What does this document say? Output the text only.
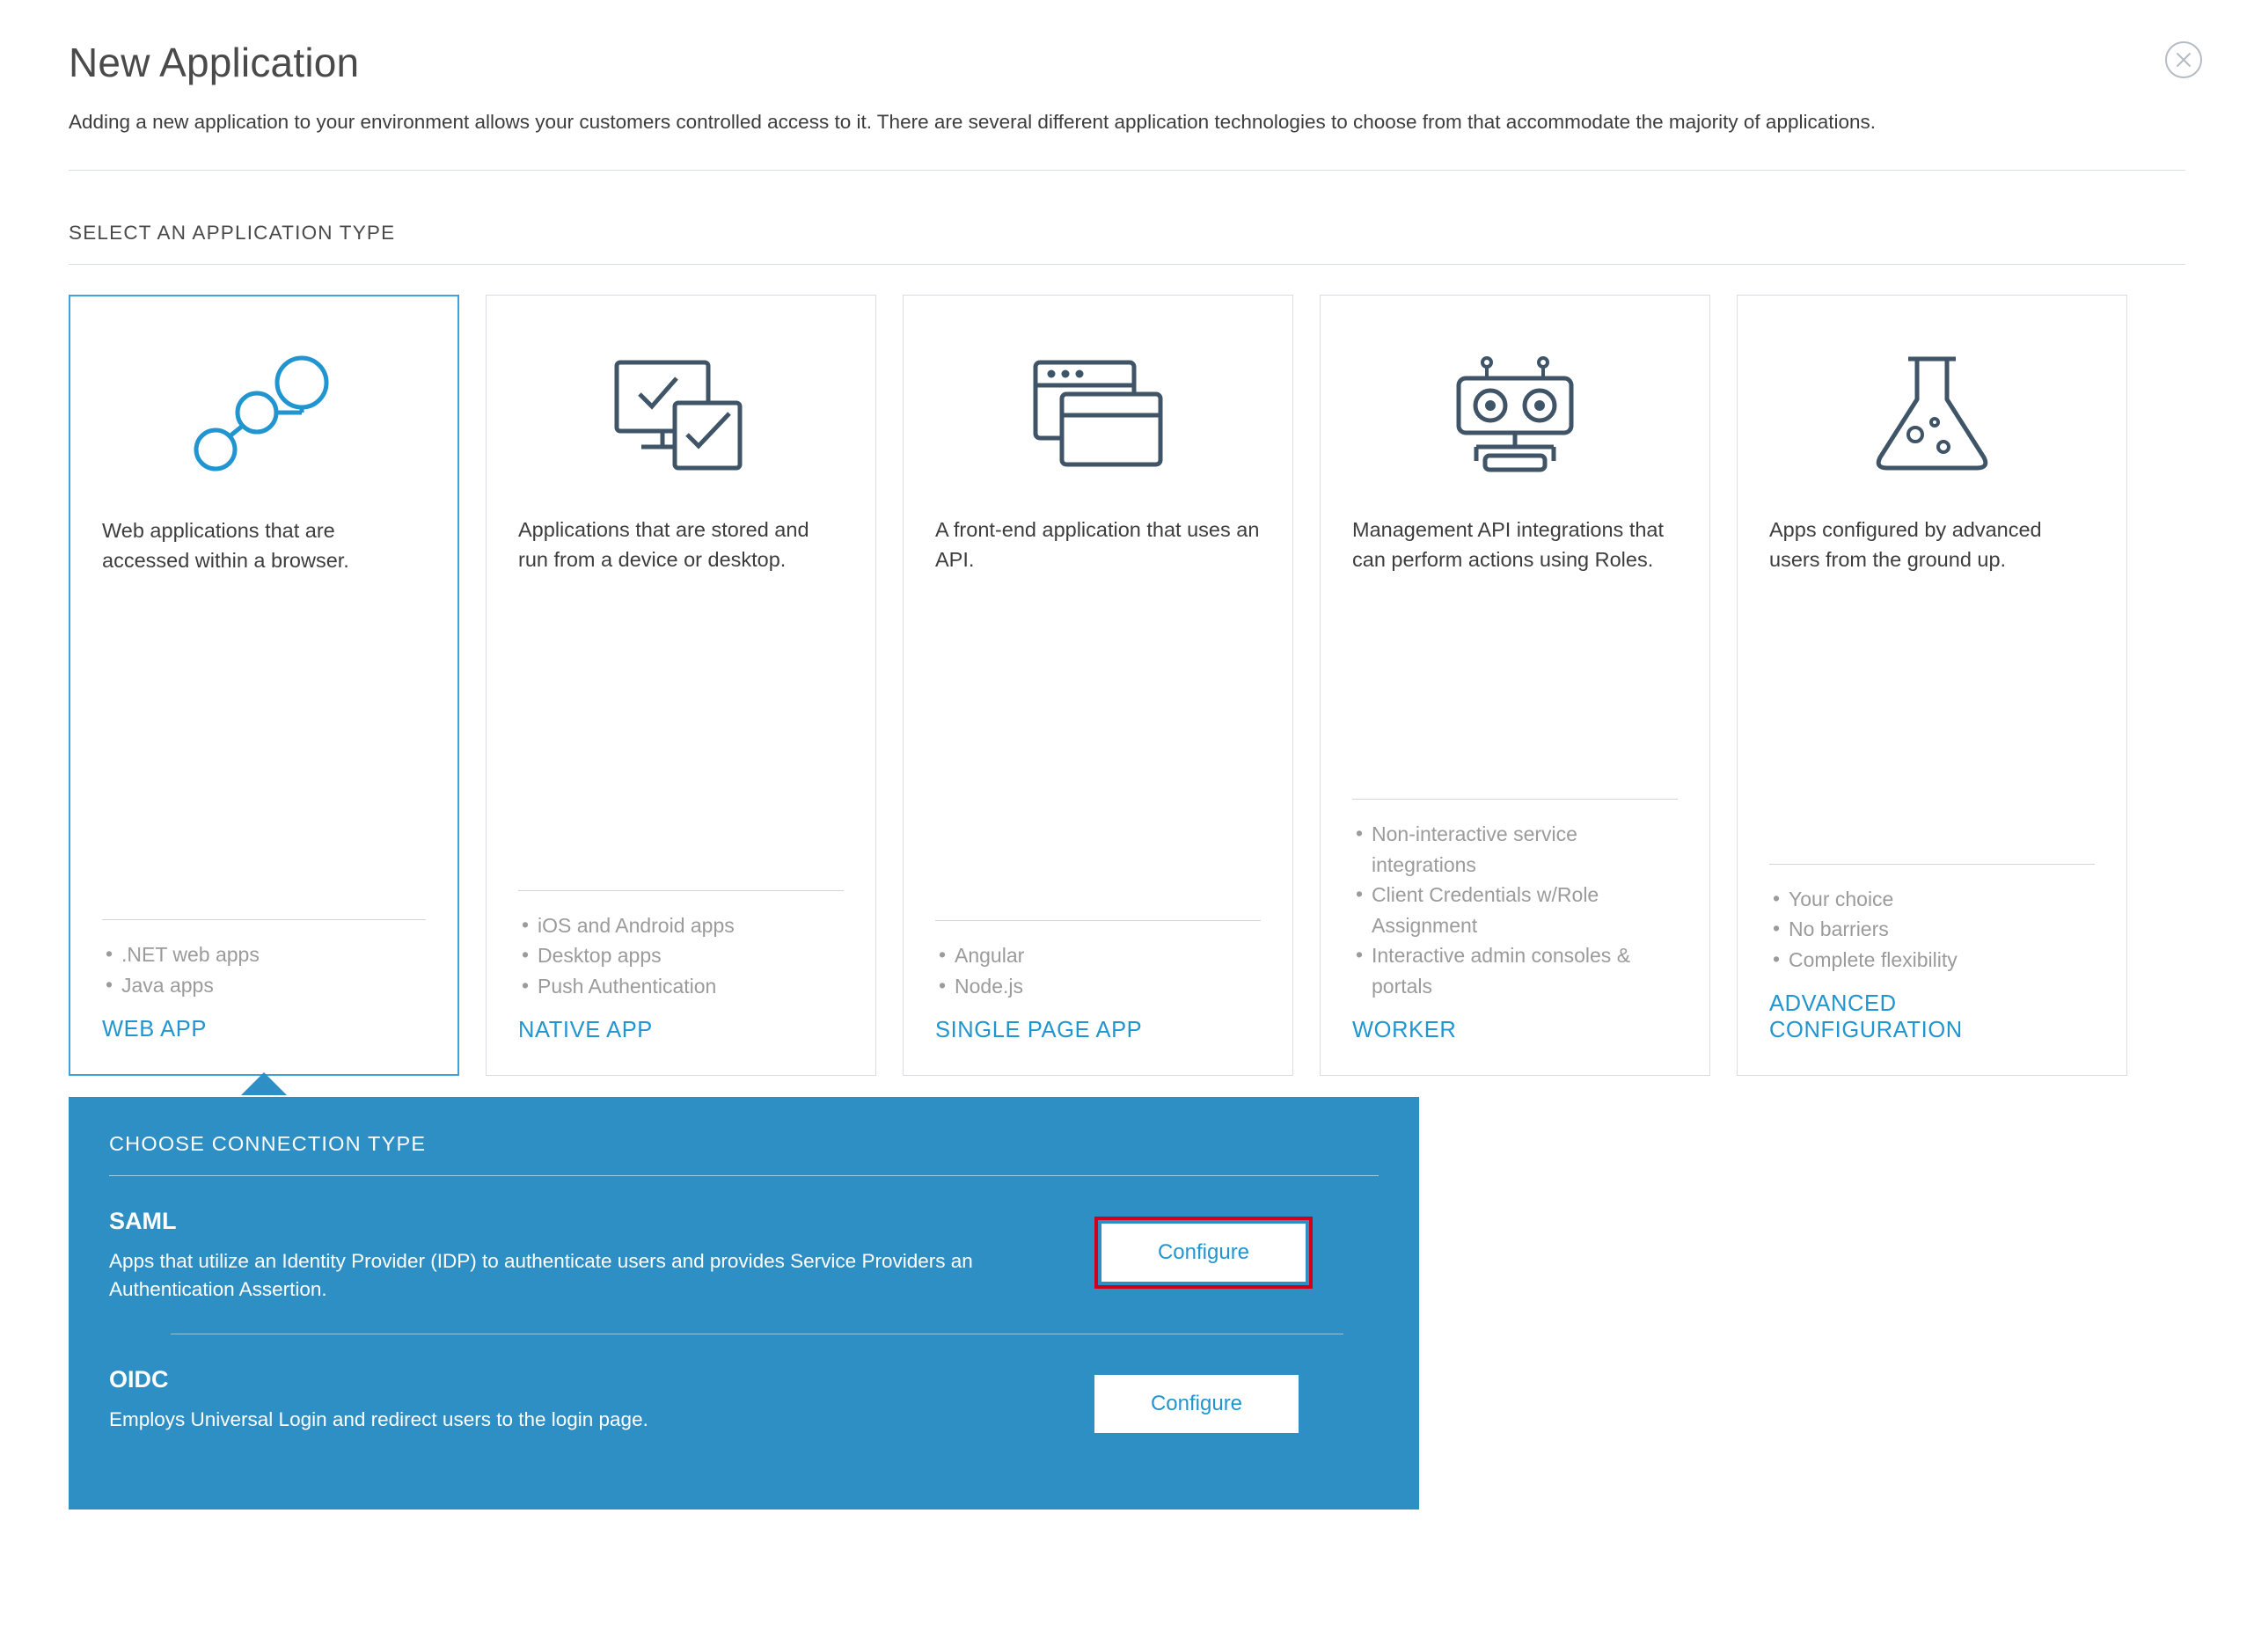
New Application

Adding a new application to your environment allows your customers controlled access to it. There are several different application technologies to choose from that accommodate the majority of applications.

SELECT AN APPLICATION TYPE
Web applications that are accessed within a browser.
• .NET web apps
• Java apps
WEB APP
Applications that are stored and run from a device or desktop.
• iOS and Android apps
• Desktop apps
• Push Authentication
NATIVE APP
A front-end application that uses an API.
• Angular
• Node.js
SINGLE PAGE APP
Management API integrations that can perform actions using Roles.
• Non-interactive service integrations
• Client Credentials w/Role Assignment
• Interactive admin consoles & portals
WORKER
Apps configured by advanced users from the ground up.
• Your choice
• No barriers
• Complete flexibility
ADVANCED CONFIGURATION
CHOOSE CONNECTION TYPE
SAML
Apps that utilize an Identity Provider (IDP) to authenticate users and provides Service Providers an Authentication Assertion.
Configure
OIDC
Employs Universal Login and redirect users to the login page.
Configure
